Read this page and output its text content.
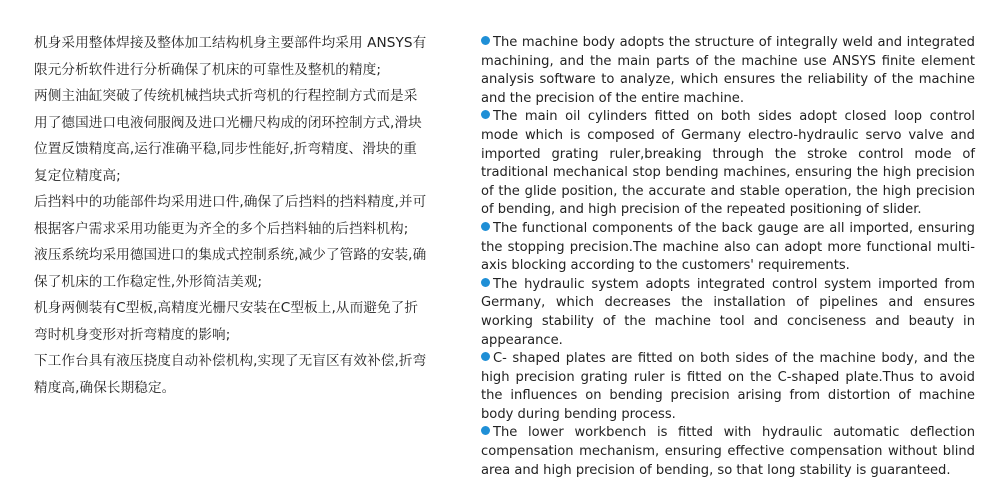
机身采用整体焊接及整体加工结构机身主要部件均采用 ANSYS有
限元分析软件进行分析确保了机床的可靠性及整机的精度;
两侧主油缸突破了传统机械挡块式折弯机的行程控制方式而是采
用了德国进口电液伺服阀及进口光栅尺构成的闭环控制方式,滑块
位置反馈精度高,运行准确平稳,同步性能好,折弯精度、滑块的重
复定位精度高;
后挡料中的功能部件均采用进口件,确保了后挡料的挡料精度,并可
根据客户需求采用功能更为齐全的多个后挡料轴的后挡料机构;
液压系统均采用德国进口的集成式控制系统,减少了管路的安装,确
保了机床的工作稳定性,外形简洁美观;
机身两侧装有C型板,高精度光栅尺安装在C型板上,从而避免了折
弯时机身变形对折弯精度的影响;
下工作台具有液压挠度自动补偿机构,实现了无盲区有效补偿,折弯
精度高,确保长期稳定。
The machine body adopts the structure of integrally weld and integrated machining, and the main parts of the machine use ANSYS finite element analysis software to analyze, which ensures the reliability of the machine and the precision of the entire machine.
The main oil cylinders fitted on both sides adopt closed loop control mode which is composed of Germany electro-hydraulic servo valve and imported grating ruler,breaking through the stroke control mode of traditional mechanical stop bending machines, ensuring the high precision of the glide position, the accurate and stable operation, the high precision of bending, and high precision of the repeated positioning of slider.
The functional components of the back gauge are all imported, ensuring the stopping precision.The machine also can adopt more functional multi-axis blocking according to the customers' requirements.
The hydraulic system adopts integrated control system imported from Germany, which decreases the installation of pipelines and ensures working stability of the machine tool and conciseness and beauty in appearance.
C- shaped plates are fitted on both sides of the machine body, and the high precision grating ruler is fitted on the C-shaped plate.Thus to avoid the influences on bending precision arising from distortion of machine body during bending process.
The lower workbench is fitted with hydraulic automatic deflection compensation mechanism, ensuring effective compensation without blind area and high precision of bending, so that long stability is guaranteed.
